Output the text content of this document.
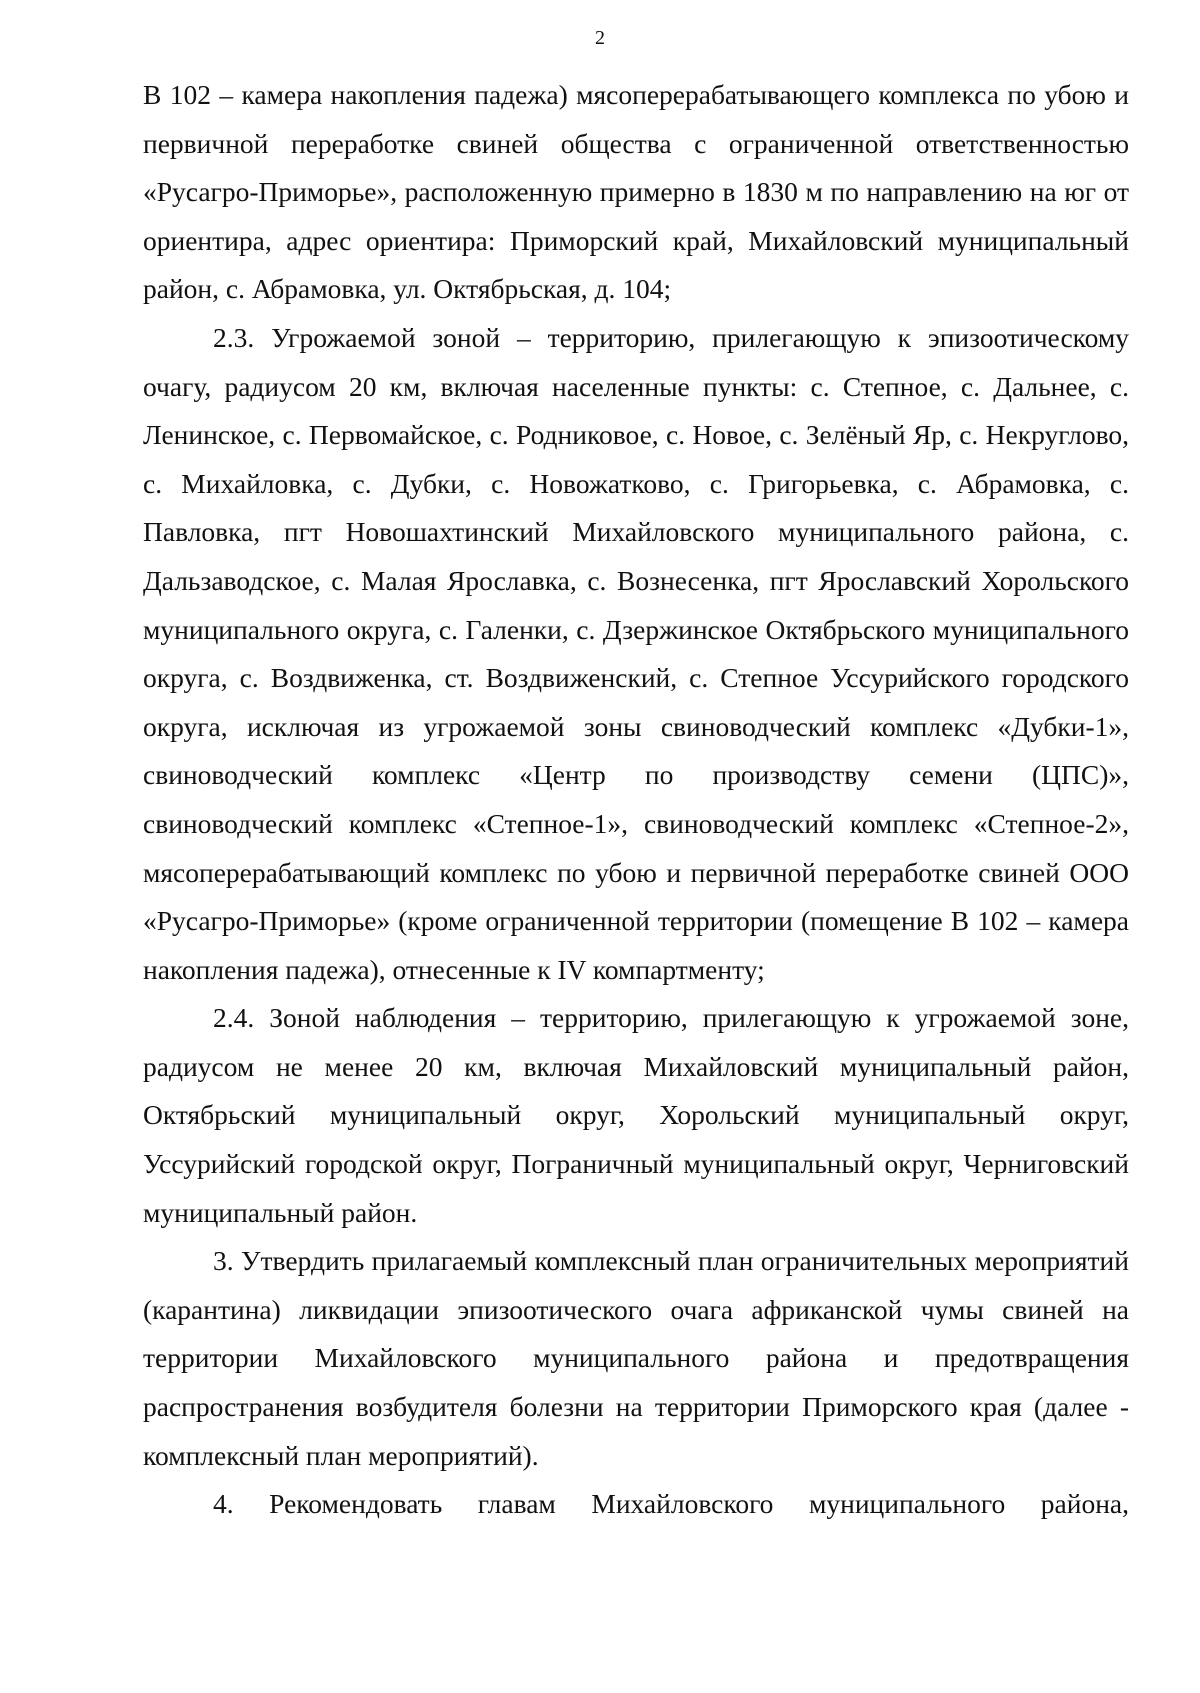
2

В 102 – камера накопления падежа) мясоперерабатывающего комплекса по убою и первичной переработке свиней общества с ограниченной ответственностью «Русагро-Приморье», расположенную примерно в 1830 м по направлению на юг от ориентира, адрес ориентира: Приморский край, Михайловский муниципальный район, с. Абрамовка, ул. Октябрьская, д. 104;

2.3. Угрожаемой зоной – территорию, прилегающую к эпизоотическому очагу, радиусом 20 км, включая населенные пункты: с. Степное, с. Дальнее, с. Ленинское, с. Первомайское, с. Родниковое, с. Новое, с. Зелёный Яр, с. Некруглово, с. Михайловка, с. Дубки, с. Новожатково, с. Григорьевка, с. Абрамовка, с. Павловка, пгт Новошахтинский Михайловского муниципального района, с. Дальзаводское, с. Малая Ярославка, с. Вознесенка, пгт Ярославский Хорольского муниципального округа, с. Галенки, с. Дзержинское Октябрьского муниципального округа, с. Воздвиженка, ст. Воздвиженский, с. Степное Уссурийского городского округа, исключая из угрожаемой зоны свиноводческий комплекс «Дубки-1», свиноводческий комплекс «Центр по производству семени (ЦПС)», свиноводческий комплекс «Степное-1», свиноводческий комплекс «Степное-2», мясоперерабатывающий комплекс по убою и первичной переработке свиней ООО «Русагро-Приморье» (кроме ограниченной территории (помещение В 102 – камера накопления падежа), отнесенные к IV компартменту;

2.4. Зоной наблюдения – территорию, прилегающую к угрожаемой зоне, радиусом не менее 20 км, включая Михайловский муниципальный район, Октябрьский муниципальный округ, Хорольский муниципальный округ, Уссурийский городской округ, Пограничный муниципальный округ, Черниговский муниципальный район.

3. Утвердить прилагаемый комплексный план ограничительных мероприятий (карантина) ликвидации эпизоотического очага африканской чумы свиней на территории Михайловского муниципального района и предотвращения распространения возбудителя болезни на территории Приморского края (далее - комплексный план мероприятий).

4. Рекомендовать главам Михайловского муниципального района,
